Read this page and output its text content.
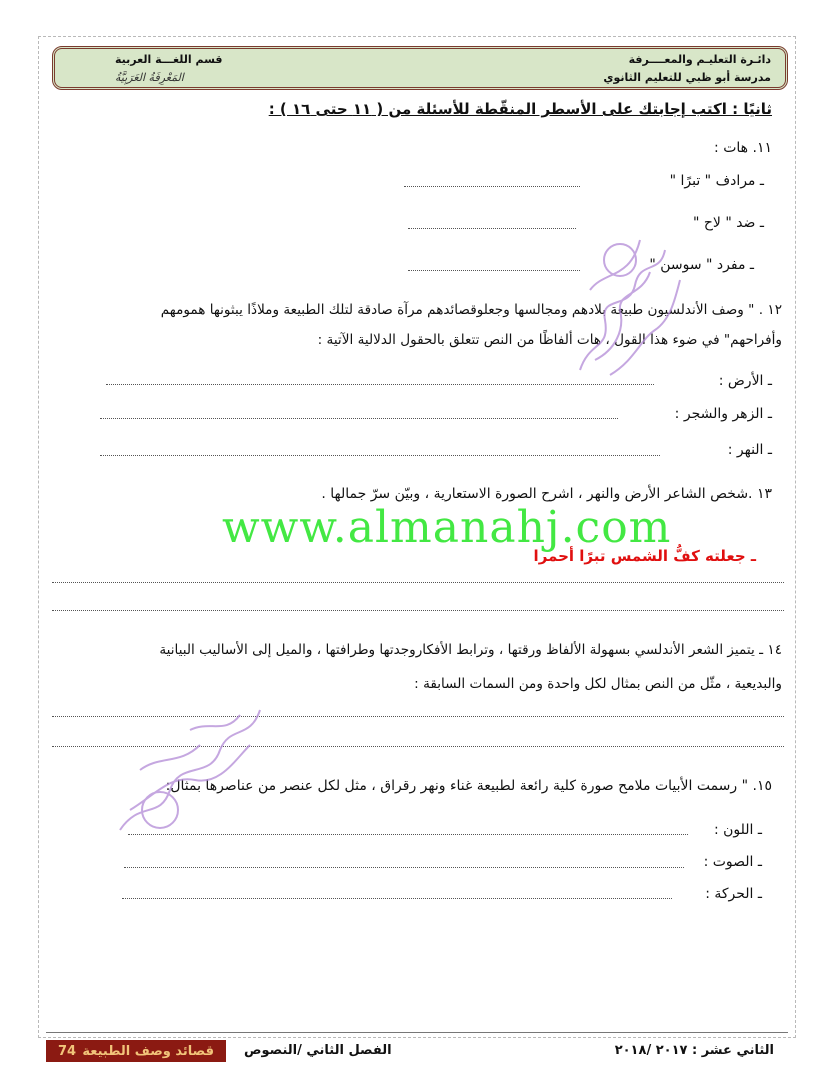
دائـرة التعليـم والمعــــرفة
مدرسة أبو ظبي للتعليم الثانوي
قسم اللغـــة العربية
المَعْرِفَةُ العَرَبِيَّةُ
ثانيًا : اكتب إجابتك على الأسطر المنقّطة للأسئلة من ( ١١ حتى ١٦ ) :
١١. هات :
ـ مرادف " تبرًا "
ـ ضد " لاح "
ـ مفرد " سوسن "
١٢ . " وصف الأندلسيون طبيعة بلادهم ومجالسها وجعلوقصائدهم مرآة صادقة لتلك الطبيعة وملاذًا يبثونها همومهم
وأفراحهم" في ضوء هذا القول ، هات ألفاظًا من النص تتعلق بالحقول الدلالية الآتية :
ـ الأرض :
ـ الزهر والشجر :
ـ النهر :
١٣ .شخص الشاعر الأرض والنهر ، اشرح الصورة الاستعارية ، وبيّن سرّ جمالها .
www.almanahj.com
ـ جعلته كفُّ الشمس تبرًا أحمرا
١٤ ـ يتميز الشعر الأندلسي بسهولة الألفاظ ورقتها ، وترابط الأفكاروجدتها وطرافتها ، والميل إلى الأساليب البيانية
والبديعية ، مثّل من النص بمثال لكل واحدة ومن السمات السابقة :
١٥. " رسمت الأبيات ملامح صورة كلية رائعة لطبيعة غناء ونهر رقراق ، مثل لكل عنصر من عناصرها بمثال:
ـ اللون :
ـ الصوت :
ـ الحركة :
الثاني عشر : ٢٠١٧ /٢٠١٨
الفصل الثاني /النصوص
قصائد وصف الطبيعة
74
